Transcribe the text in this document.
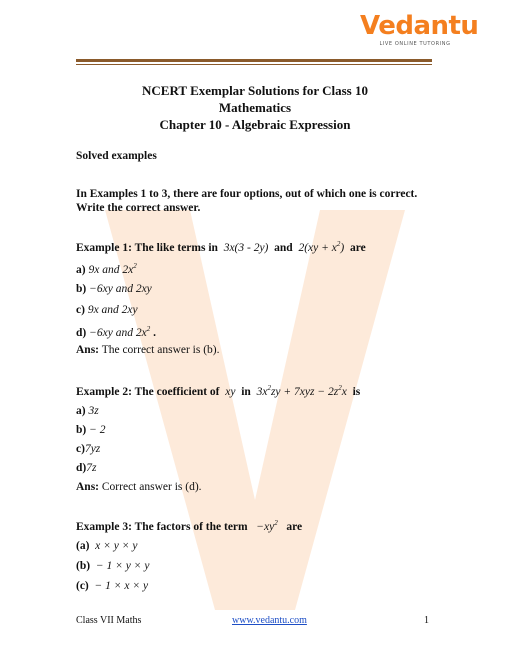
Vedantu
LIVE ONLINE TUTORING
NCERT Exemplar Solutions for Class 10
Mathematics
Chapter 10 - Algebraic Expression
Solved examples
In Examples 1 to 3, there are four options, out of which one is correct.
Write the correct answer.
Example 1: The like terms in 3x(3 - 2y) and $2(xy + x^2)$ are
a) 9x and $2x^2$
b) −6xy and 2xy
c) 9x and 2xy
d) −6xy and $2x^2$ .
Ans: The correct answer is (b).
Example 2: The coefficient of xy in $3x^2zy + 7xyz - 2z^2x$ is
a) 3z
b) − 2
c)7yz
d)7z
Ans: Correct answer is (d).
Example 3: The factors of the term $-xy^2$ are
(a) x × y × y
(b) − 1 × y × y
(c) − 1 × x × y
Class VII Maths	www.vedantu.com	1
